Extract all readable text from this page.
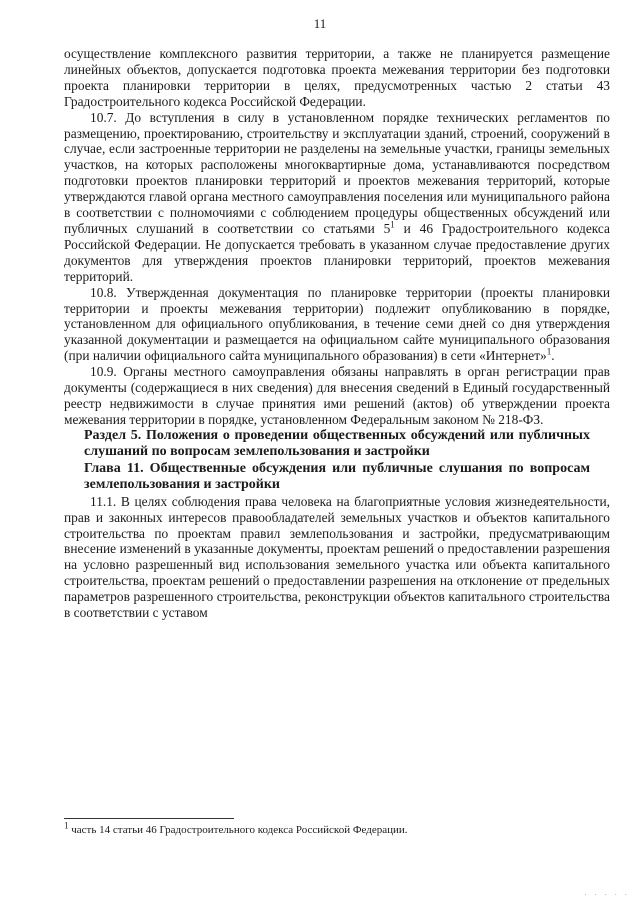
11

осуществление комплексного развития территории, а также не планируется размещение линейных объектов, допускается подготовка проекта межевания территории без подготовки проекта планировки территории в целях, предусмотренных частью 2 статьи 43 Градостроительного кодекса Российской Федерации.

10.7. До вступления в силу в установленном порядке технических регламентов по размещению, проектированию, строительству и эксплуатации зданий, строений, сооружений в случае, если застроенные территории не разделены на земельные участки, границы земельных участков, на которых расположены многоквартирные дома, устанавливаются посредством подготовки проектов планировки территорий и проектов межевания территорий, которые утверждаются главой органа местного самоуправления поселения или муниципального района в соответствии с полномочиями с соблюдением процедуры общественных обсуждений или публичных слушаний в соответствии со статьями $5^1$ и 46 Градостроительного кодекса Российской Федерации. Не допускается требовать в указанном случае предоставление других документов для утверждения проектов планировки территорий, проектов межевания территорий.

10.8. Утвержденная документация по планировке территории (проекты планировки территории и проекты межевания территории) подлежит опубликованию в порядке, установленном для официального опубликования, в течение семи дней со дня утверждения указанной документации и размещается на официальном сайте муниципального образования (при наличии официального сайта муниципального образования) в сети «Интернет»$^1$.

10.9. Органы местного самоуправления обязаны направлять в орган регистрации прав документы (содержащиеся в них сведения) для внесения сведений в Единый государственный реестр недвижимости в случае принятия ими решений (актов) об утверждении проекта межевания территории в порядке, установленном Федеральным законом № 218-ФЗ.

Раздел 5. Положения о проведении общественных обсуждений или публичных слушаний по вопросам землепользования и застройки

Глава 11. Общественные обсуждения или публичные слушания по вопросам землепользования и застройки

11.1. В целях соблюдения права человека на благоприятные условия жизнедеятельности, прав и законных интересов правообладателей земельных участков и объектов капитального строительства по проектам правил землепользования и застройки, предусматривающим внесение изменений в указанные документы, проектам решений о предоставлении разрешения на условно разрешенный вид использования земельного участка или объекта капитального строительства, проектам решений о предоставлении разрешения на отклонение от предельных параметров разрешенного строительства, реконструкции объектов капитального строительства в соответствии с уставом

$^1$ часть 14 статьи 46 Градостроительного кодекса Российской Федерации.
· · · · ·
